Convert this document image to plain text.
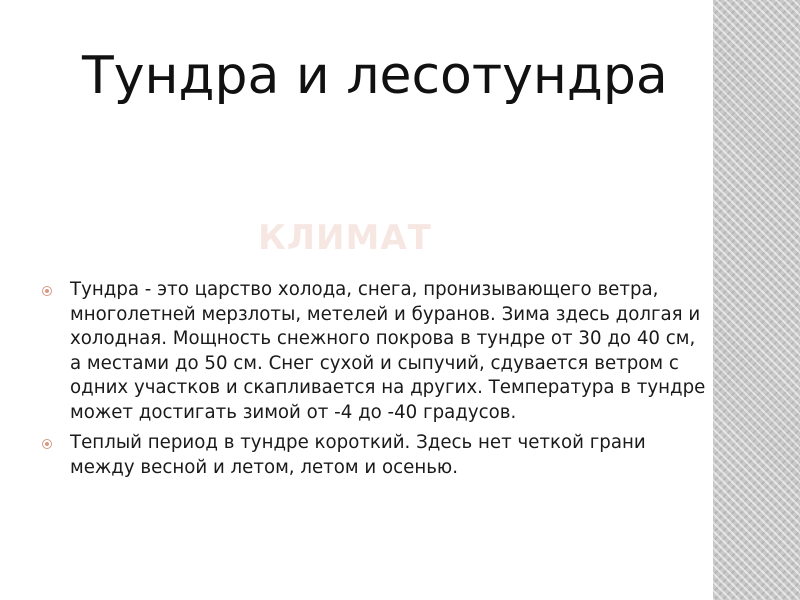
Тундра и лесотундра
КЛИМАТ
Тундра - это царство холода, снега, пронизывающего ветра, многолетней мерзлоты, метелей и буранов. Зима здесь долгая и холодная. Мощность снежного покрова в тундре от 30 до 40 см, а местами до 50 см. Снег сухой и сыпучий, сдувается ветром с одних участков и скапливается на других. Температура в тундре может достигать зимой от -4 до -40 градусов.
Теплый период в тундре короткий. Здесь нет четкой грани между весной и летом, летом и осенью.
